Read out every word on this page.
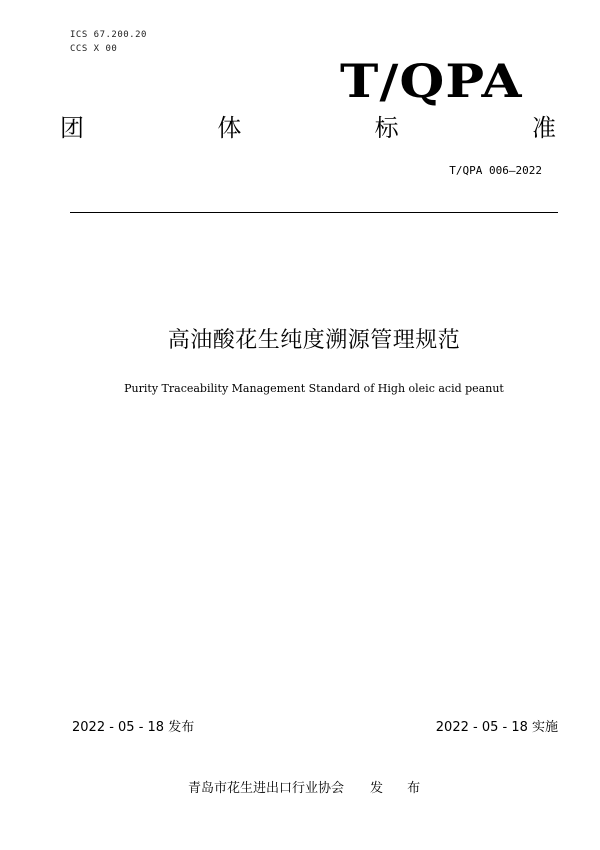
ICS 67.200.20
CCS X 00
T/QPA
团	体	标	准
T/QPA 006—2022
高油酸花生纯度溯源管理规范
Purity Traceability Management Standard of High oleic acid peanut
2022 - 05 - 18 发布	2022 - 05 - 18 实施
青岛市花生进出口行业协会 发 布
